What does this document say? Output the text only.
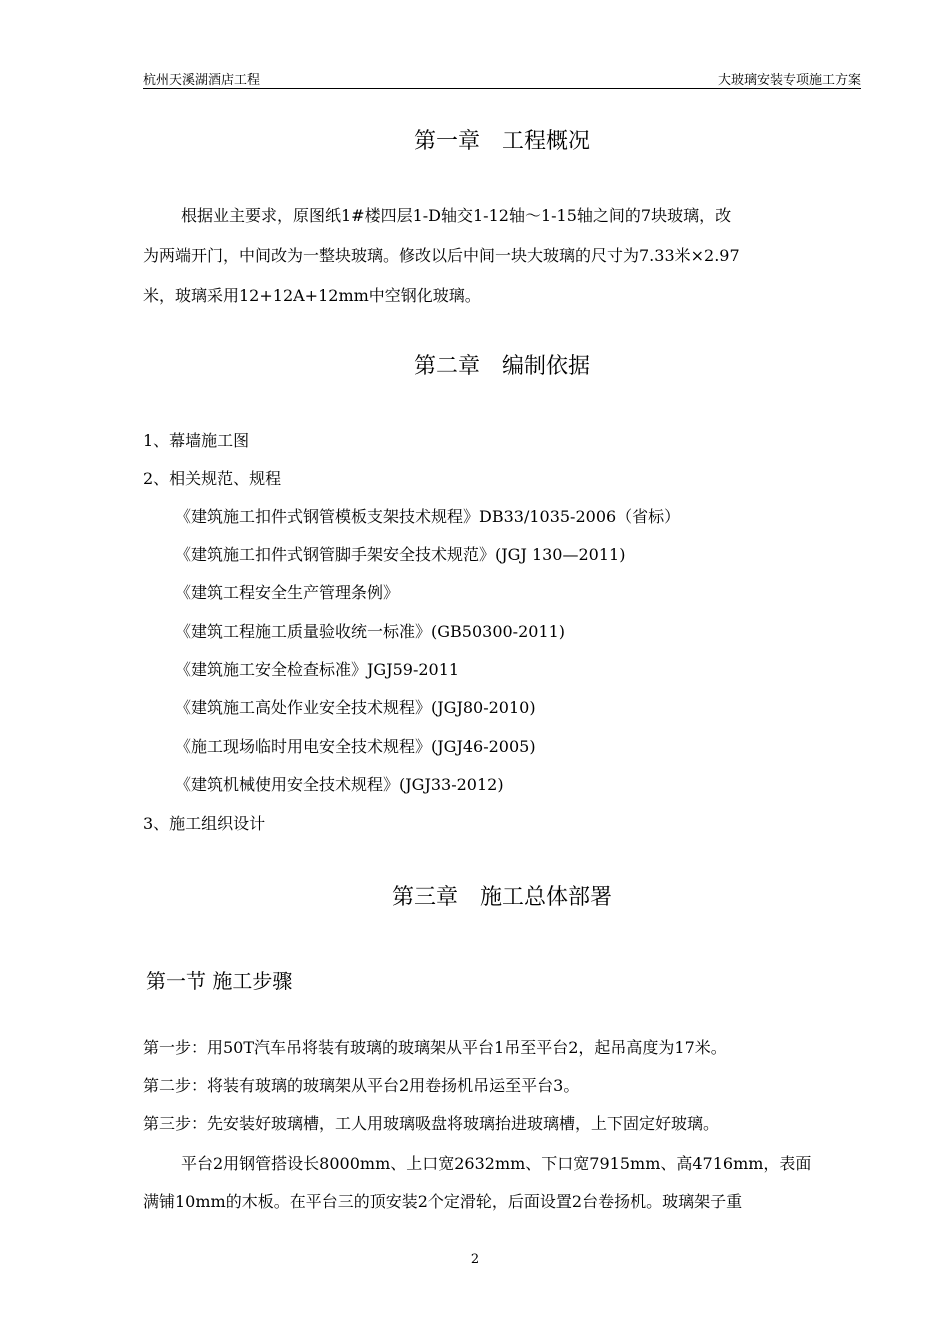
杭州天溪湖酒店工程	大玻璃安装专项施工方案
第一章　工程概况
根据业主要求，原图纸1#楼四层1-D轴交1-12轴～1-15轴之间的7块玻璃，改
为两端开门，中间改为一整块玻璃。修改以后中间一块大玻璃的尺寸为7.33米×2.97
米，玻璃采用12+12A+12mm中空钢化玻璃。
第二章　编制依据
1、幕墙施工图
2、相关规范、规程
《建筑施工扣件式钢管模板支架技术规程》DB33/1035-2006（省标）
《建筑施工扣件式钢管脚手架安全技术规范》(JGJ 130—2011)
《建筑工程安全生产管理条例》
《建筑工程施工质量验收统一标准》(GB50300-2011)
《建筑施工安全检查标准》JGJ59-2011
《建筑施工高处作业安全技术规程》(JGJ80-2010)
《施工现场临时用电安全技术规程》(JGJ46-2005)
《建筑机械使用安全技术规程》(JGJ33-2012)
3、施工组织设计
第三章　施工总体部署
第一节 施工步骤
第一步：用50T汽车吊将装有玻璃的玻璃架从平台1吊至平台2，起吊高度为17米。
第二步：将装有玻璃的玻璃架从平台2用卷扬机吊运至平台3。
第三步：先安装好玻璃槽，工人用玻璃吸盘将玻璃抬进玻璃槽，上下固定好玻璃。
平台2用钢管搭设长8000mm、上口宽2632mm、下口宽7915mm、高4716mm，表面
满铺10mm的木板。在平台三的顶安装2个定滑轮，后面设置2台卷扬机。玻璃架子重
2
